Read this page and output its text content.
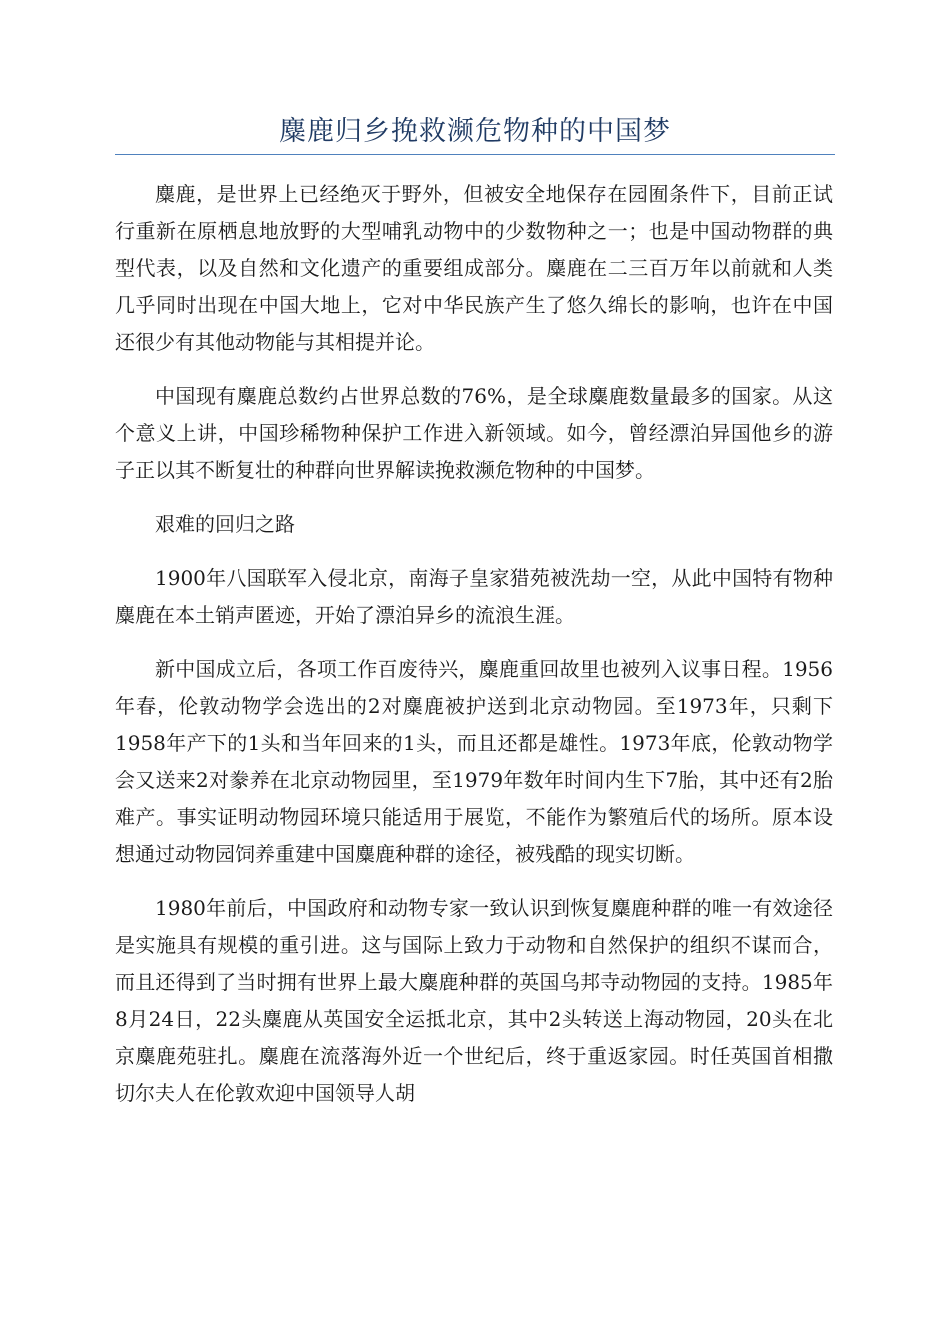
麋鹿归乡挽救濒危物种的中国梦

麋鹿，是世界上已经绝灭于野外，但被安全地保存在园囿条件下，目前正试行重新在原栖息地放野的大型哺乳动物中的少数物种之一；也是中国动物群的典型代表，以及自然和文化遗产的重要组成部分。麋鹿在二三百万年以前就和人类几乎同时出现在中国大地上，它对中华民族产生了悠久绵长的影响，也许在中国还很少有其他动物能与其相提并论。

中国现有麋鹿总数约占世界总数的76%，是全球麋鹿数量最多的国家。从这个意义上讲，中国珍稀物种保护工作进入新领域。如今，曾经漂泊异国他乡的游子正以其不断复壮的种群向世界解读挽救濒危物种的中国梦。

艰难的回归之路

1900年八国联军入侵北京，南海子皇家猎苑被洗劫一空，从此中国特有物种麋鹿在本土销声匿迹，开始了漂泊异乡的流浪生涯。

新中国成立后，各项工作百废待兴，麋鹿重回故里也被列入议事日程。1956年春，伦敦动物学会选出的2对麋鹿被护送到北京动物园。至1973年，只剩下1958年产下的1头和当年回来的1头，而且还都是雄性。1973年底，伦敦动物学会又送来2对豢养在北京动物园里，至1979年数年时间内生下7胎，其中还有2胎难产。事实证明动物园环境只能适用于展览，不能作为繁殖后代的场所。原本设想通过动物园饲养重建中国麋鹿种群的途径，被残酷的现实切断。

1980年前后，中国政府和动物专家一致认识到恢复麋鹿种群的唯一有效途径是实施具有规模的重引进。这与国际上致力于动物和自然保护的组织不谋而合，而且还得到了当时拥有世界上最大麋鹿种群的英国乌邦寺动物园的支持。1985年8月24日，22头麋鹿从英国安全运抵北京，其中2头转送上海动物园，20头在北京麋鹿苑驻扎。麋鹿在流落海外近一个世纪后，终于重返家园。时任英国首相撒切尔夫人在伦敦欢迎中国领导人胡
